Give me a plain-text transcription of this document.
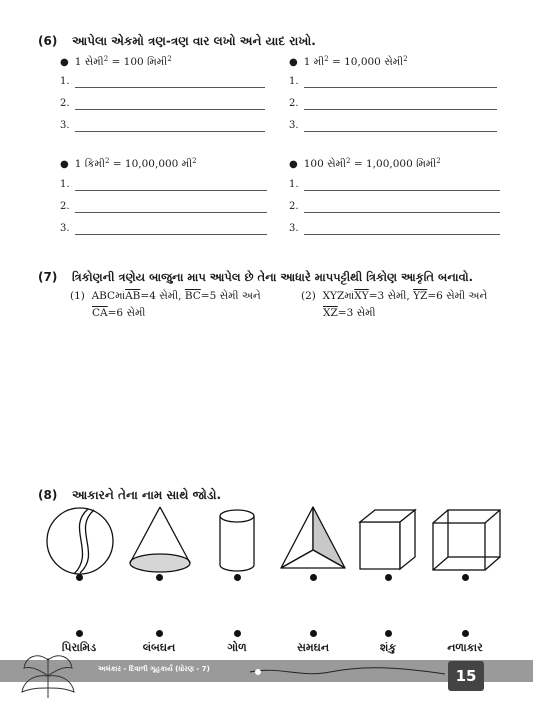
(6) આપેલા એકમો ત્રણ-ત્રણ વાર લખો અને યાદ રાખો.
● 1 સેમી$^2$ = 100 મિમી$^2$
1.
2.
3.
● 1 મી$^2$ = 10,000 સેમી$^2$
1.
2.
3.
● 1 કિમી$^2$ = 10,00,000 મી$^2$
1.
2.
3.
● 100 સેમી$^2$ = 1,00,000 મિમી$^2$
1.
2.
3.
(7) ત્રિકોણની ત્રણેય બાજુના માપ આપેલ છે તેના આધારે માપપટ્ટીથી ત્રિકોણ આકૃતિ બનાવો.
(1) $ABCમાં\overline{AB}=4$ સેમી, $\overline{BC}=5$ સેમી અને
$\overline{CA}=6$ સેમી
(2) $XYZમાં\overline{XY}=3$ સેમી, $\overline{YZ}=6$ સેમી અને
$\overline{XZ}=3$ સેમી
(8) આકારને તેના નામ સાથે જોડો.
પિરામિડ	લંબઘન	ગોળ	સમઘન	શંકુ	નળાકાર
અલંકાર - દિવાળી ગૃહકાર્ય (ધોરણ - 7)	15
